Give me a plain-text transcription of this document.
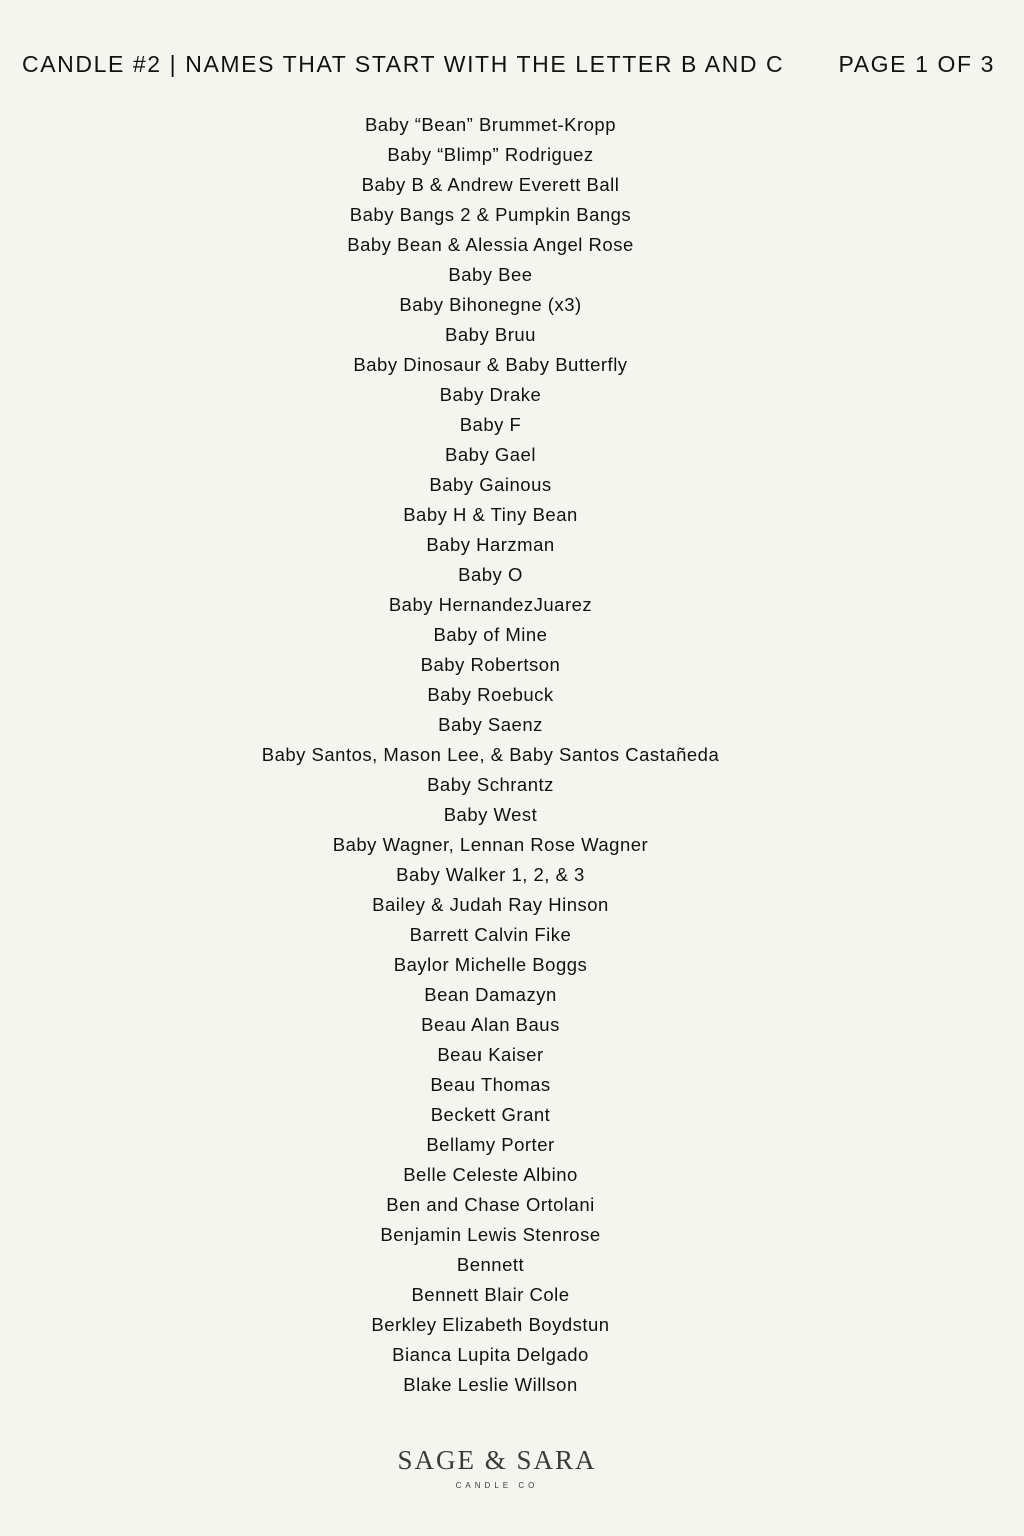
CANDLE #2 | NAMES THAT START WITH THE LETTER B AND C PAGE 1 OF 3
Baby “Bean” Brummet-Kropp
Baby “Blimp” Rodriguez
Baby B & Andrew Everett Ball
Baby Bangs 2 & Pumpkin Bangs
Baby Bean & Alessia Angel Rose
Baby Bee
Baby Bihonegne (x3)
Baby Bruu
Baby Dinosaur & Baby Butterfly
Baby Drake
Baby F
Baby Gael
Baby Gainous
Baby H & Tiny Bean
Baby Harzman
Baby O
Baby HernandezJuarez
Baby of Mine
Baby Robertson
Baby Roebuck
Baby Saenz
Baby Santos, Mason Lee, & Baby Santos Castañeda
Baby Schrantz
Baby West
Baby Wagner, Lennan Rose Wagner
Baby Walker 1, 2, & 3
Bailey & Judah Ray Hinson
Barrett Calvin Fike
Baylor Michelle Boggs
Bean Damazyn
Beau Alan Baus
Beau Kaiser
Beau Thomas
Beckett Grant
Bellamy Porter
Belle Celeste Albino
Ben and Chase Ortolani
Benjamin Lewis Stenrose
Bennett
Bennett Blair Cole
Berkley Elizabeth Boydstun
Bianca Lupita Delgado
Blake Leslie Willson
SAGE & SARA
CANDLE CO
